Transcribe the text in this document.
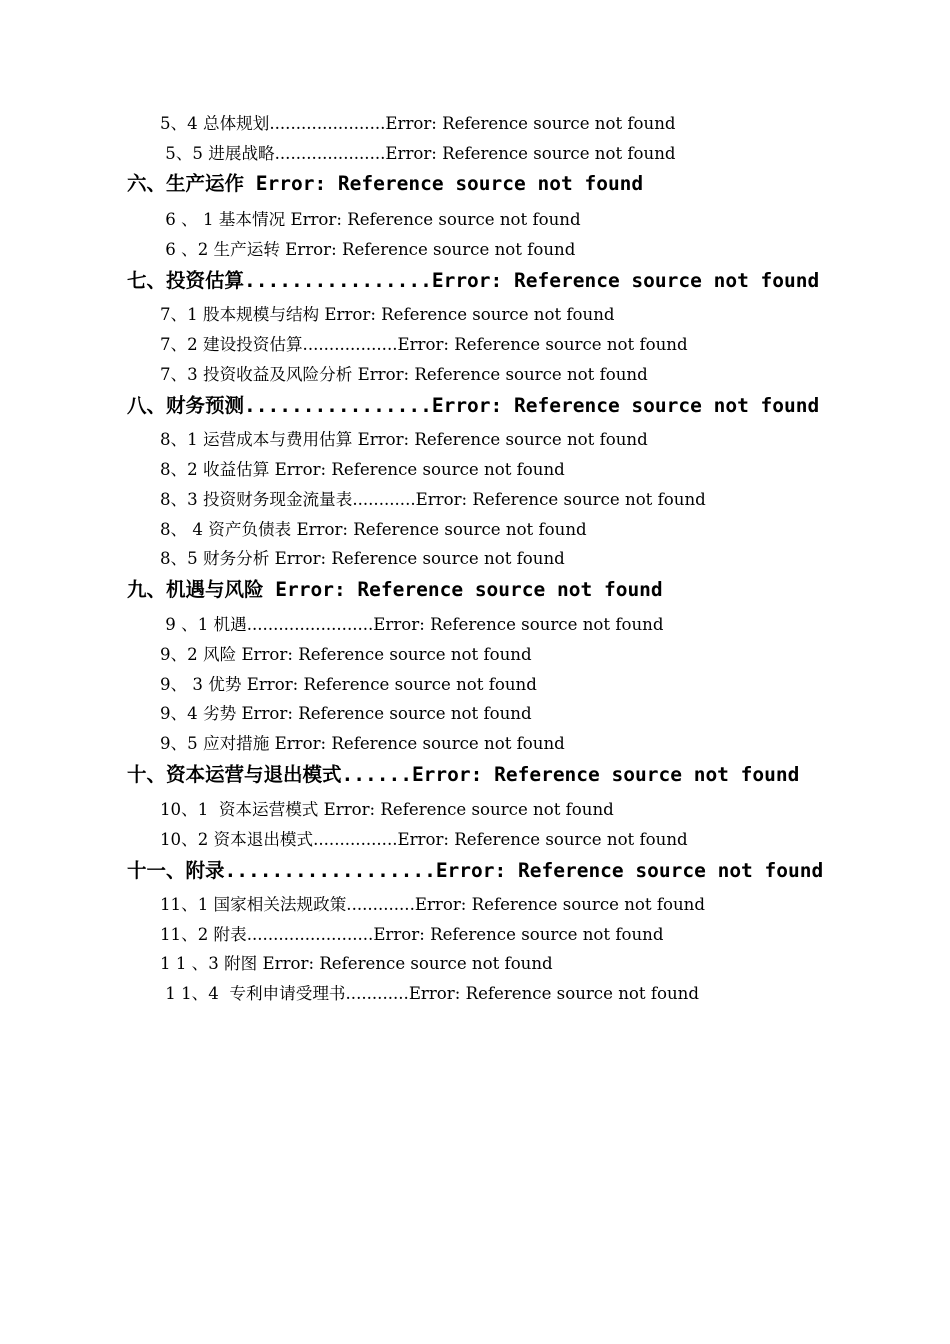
5、4 总体规划......................Error: Reference source not found
5、5 进展战略.....................Error: Reference source not found
六、生产运作 Error: Reference source not found
6 、 1 基本情况 Error: Reference source not found
6 、2 生产运转 Error: Reference source not found
七、投资估算................Error: Reference source not found
7、1 股本规模与结构 Error: Reference source not found
7、2 建设投资估算..................Error: Reference source not found
7、3 投资收益及风险分析 Error: Reference source not found
八、财务预测................Error: Reference source not found
8、1 运营成本与费用估算 Error: Reference source not found
8、2 收益估算 Error: Reference source not found
8、3 投资财务现金流量表............Error: Reference source not found
8、 4 资产负债表 Error: Reference source not found
8、5 财务分析 Error: Reference source not found
九、机遇与风险 Error: Reference source not found
9 、1 机遇........................Error: Reference source not found
9、2 风险 Error: Reference source not found
9、 3 优势 Error: Reference source not found
9、4 劣势 Error: Reference source not found
9、5 应对措施 Error: Reference source not found
十、资本运营与退出模式......Error: Reference source not found
10、1  资本运营模式 Error: Reference source not found
10、2 资本退出模式................Error: Reference source not found
十一、附录..................Error: Reference source not found
11、1 国家相关法规政策.............Error: Reference source not found
11、2 附表........................Error: Reference source not found
1 1 、3 附图 Error: Reference source not found
1 1、4  专利申请受理书............Error: Reference source not found
